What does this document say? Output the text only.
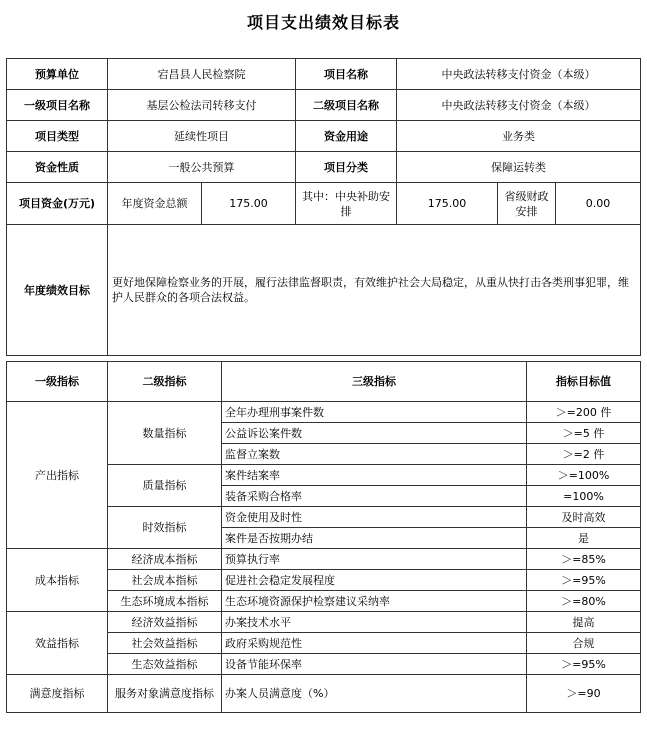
项目支出绩效目标表
预算单位	宕昌县人民检察院		项目名称	中央政法转移支付资金（本级）		
一级项目名称	基层公检法司转移支付		二级项目名称	中央政法转移支付资金（本级）		
项目类型	延续性项目		资金用途	业务类		
资金性质	一般公共预算		项目分类	保障运转类		
项目资金(万元)	年度资金总额	175.00	其中：中央补助安排	175.00	省级财政安排	0.00
年度绩效目标	更好地保障检察业务的开展，履行法律监督职责，有效维护社会大局稳定，从重从快打击各类刑事犯罪，维护人民群众的各项合法权益。					
一级指标	二级指标	三级指标	指标目标值
产出指标	数量指标	全年办理刑事案件数	＞=200 件
		公益诉讼案件数	＞=5 件
		监督立案数	＞=2 件
	质量指标	案件结案率	＞=100%
		装备采购合格率	=100%
	时效指标	资金使用及时性	及时高效
		案件是否按期办结	是
成本指标	经济成本指标	预算执行率	＞=85%
	社会成本指标	促进社会稳定发展程度	＞=95%
	生态环境成本指标	生态环境资源保护检察建议采纳率	＞=80%
效益指标	经济效益指标	办案技术水平	提高
	社会效益指标	政府采购规范性	合规
	生态效益指标	设备节能环保率	＞=95%
满意度指标	服务对象满意度指标	办案人员满意度（%）	＞=90
